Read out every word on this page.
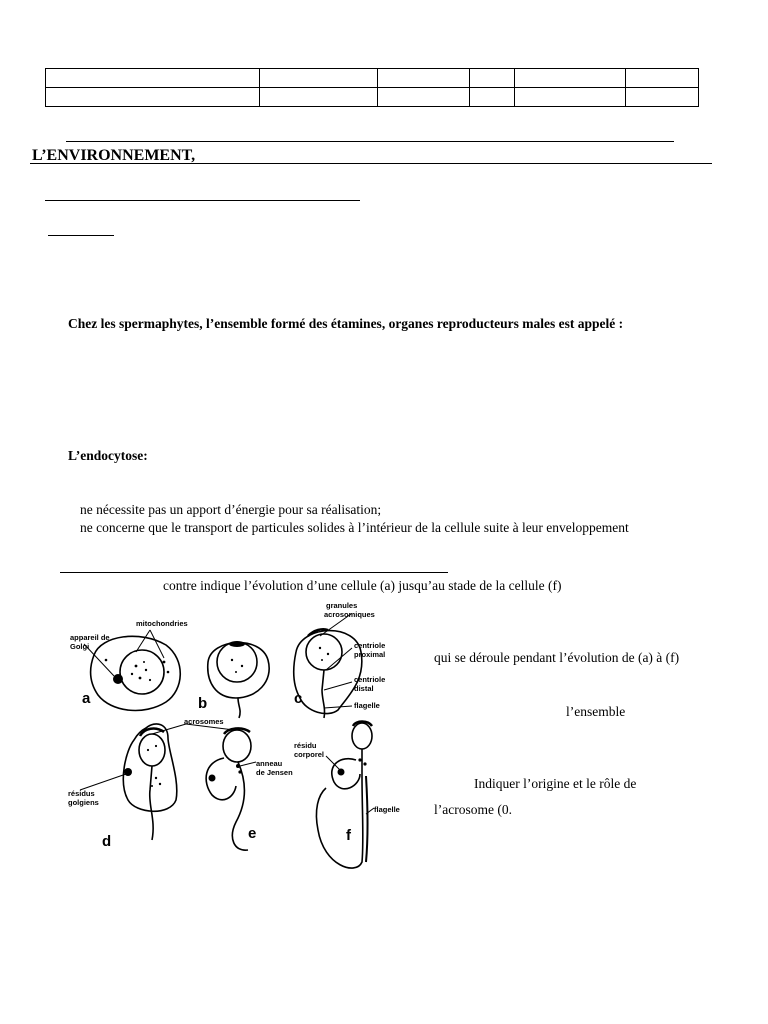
L’ENVIRONNEMENT,
Chez les spermaphytes, l’ensemble formé des étamines, organes reproducteurs males est appelé :
L’endocytose:
ne nécessite pas un apport d’énergie pour sa réalisation;
ne concerne que le transport de particules solides à l’intérieur de la cellule suite à leur enveloppement
contre indique l’évolution d’une cellule (a) jusqu’au stade de la cellule (f)
qui se déroule pendant l’évolution de (a) à (f)
l’ensemble
Indiquer l’origine et le rôle de
l’acrosome (0.
appareil de
Golgi
mitochondries
granules
acrosomiques
centriole
proximal
centriole
distal
flagelle
acrosomes
résidus
golgiens
anneau
de Jensen
résidu
corporel
flagelle
a	b	c
d	e	f
